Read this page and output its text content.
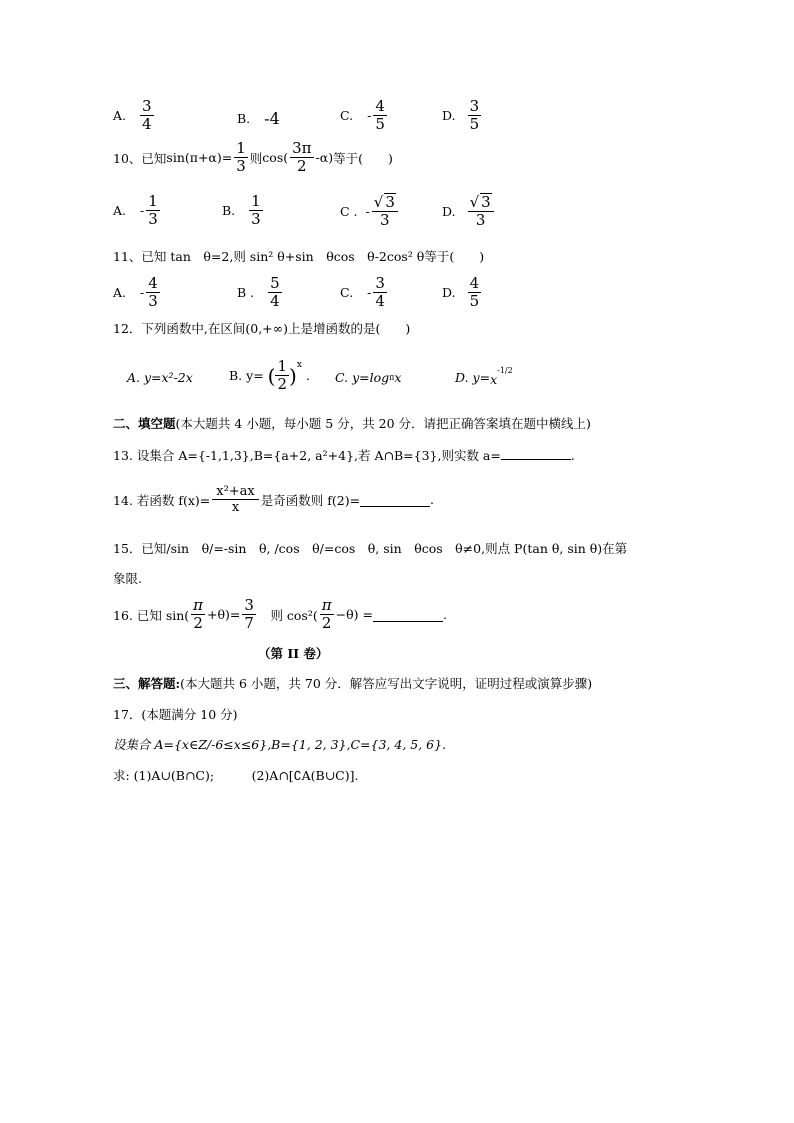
A. $\frac{3}{4}$	B. -4	C. - $\frac{4}{5}$	D. $\frac{3}{5}$
10、已知 $\sin(\pi+\alpha)= \frac{1}{3}$ 则 $\cos( \frac{3\pi}{2} -\alpha)$ 等于(　　)
A. - $\frac{1}{3}$	B. $\frac{1}{3}$	C . - $\frac{√ 3}{3}$	D. $\frac{√ 3}{3}$
11、已知 tan　θ=2,则 sin² θ+sin　θcos　θ-2cos² θ等于(　　)
A. - $\frac{4}{3}$	B . $\frac{5}{4}$	C. - $\frac{3}{4}$	D. $\frac{4}{5}$
12．下列函数中,在区间(0,+∞)上是增函数的是(　　)
A. y=x²-2x	B. y= ( $\frac{1}{2}$ ) x
. C. y=log π x	D. y= x
-1/2
二、填空题(本大题共 4 小题，每小题 5 分，共 20 分．请把正确答案填在题中横线上)
13. 设集合 A={-1,1,3},B={a+2, a²+4},若 A∩B={3},则实数 a=	.
14. 若函数 $f(x)= \frac{\text{x²+ax}}{x}$ 是奇函数则 f(2)=	.
15．已知/sin　θ/=-sin　θ, /cos　θ/=cos　θ, sin　θcos　θ≠0,则点 P(tan θ, sin θ)在第
象限.
16. 已知 $\sin( \frac{\pi}{2} +\theta)= \frac{3}{7}$ 　则 $\cos^2( \frac{\pi}{2} -\theta)$ =	.
（第 II 卷）
三、解答题:(本大题共 6 小题，共 70 分．解答应写出文字说明，证明过程或演算步骤)
17．(本题满分 10 分)
设集合 A={x∈Z/-6≤x≤6},B={1, 2, 3},C={3, 4, 5, 6}.
求: (1)A∪(B∩C);　　　(2)A∩[∁A(B∪C)].
